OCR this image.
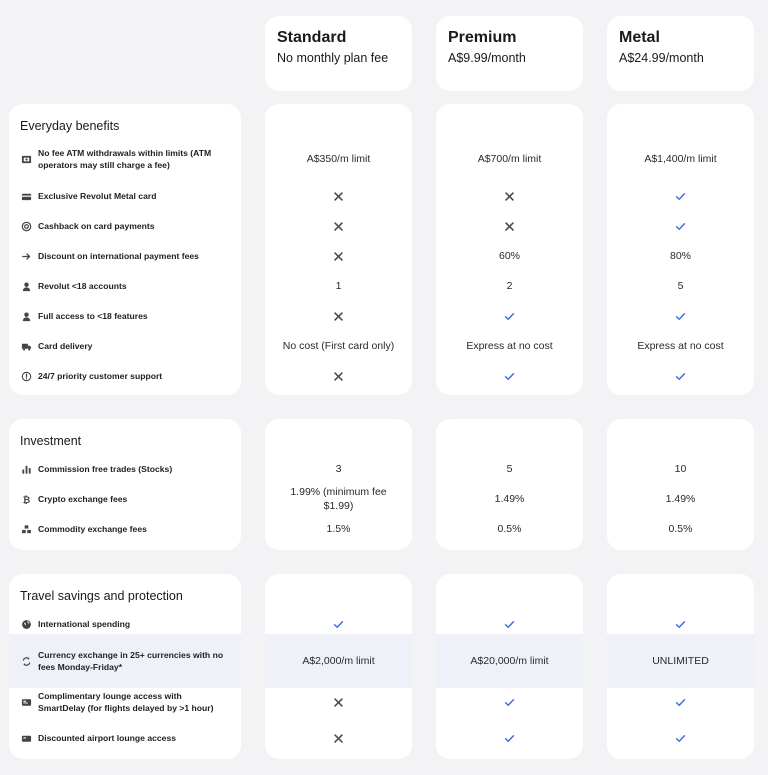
Standard
No monthly plan fee
Premium
A$9.99/month
Metal
A$24.99/month
A$350/m limit
1
No cost (First card only)
A$700/m limit
60%
2
Express at no cost
A$1,400/m limit
80%
5
Express at no cost
Everyday benefits
No fee ATM withdrawals within limits (ATM operators may still charge a fee)
Exclusive Revolut Metal card
Cashback on card payments
Discount on international payment fees
Revolut <18 accounts
Full access to <18 features
Card delivery
24/7 priority customer support
3
1.99% (minimum fee $1.99)
1.5%
5
1.49%
0.5%
10
1.49%
0.5%
Investment
Commission free trades (Stocks)
₿ Crypto exchange fees
Commodity exchange fees
A$2,000/m limit	A$20,000/m limit	UNLIMITED
Travel savings and protection
International spending
Currency exchange in 25+ currencies with no fees Monday-Friday*
Complimentary lounge access with SmartDelay (for flights delayed by >1 hour)
Discounted airport lounge access
